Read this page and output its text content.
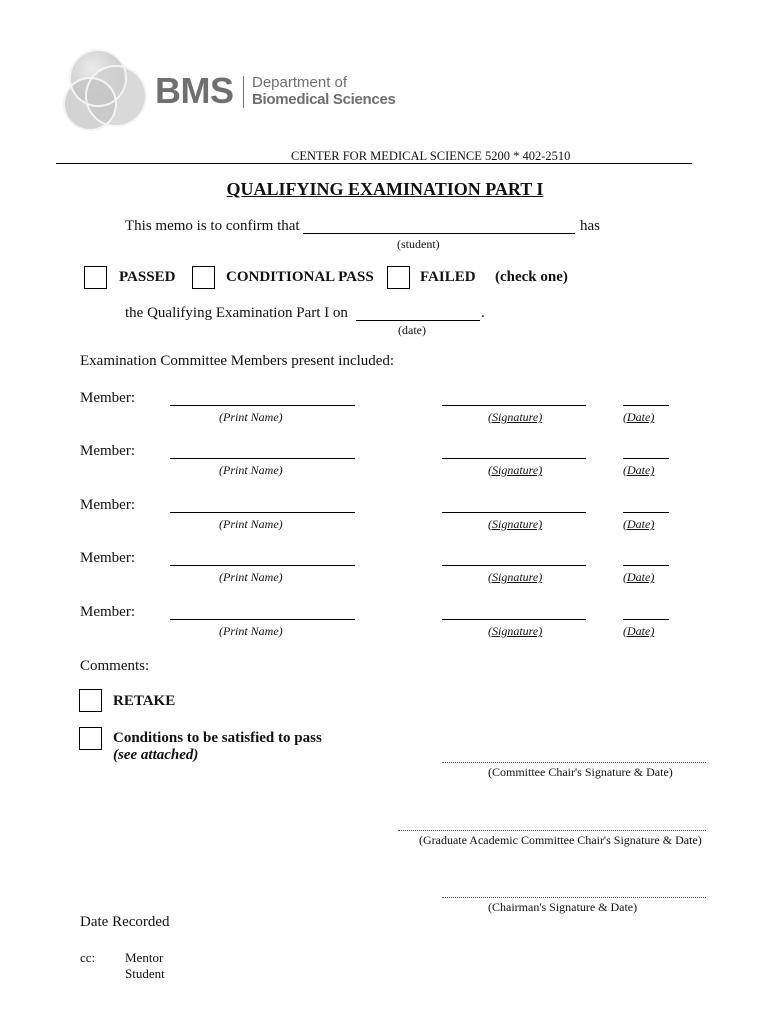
BMS Department of
Biomedical Sciences
CENTER FOR MEDICAL SCIENCE 5200 * 402-2510
QUALIFYING EXAMINATION PART I
This memo is to confirm that	has
(student)
PASSED	CONDITIONAL PASS	FAILED (check one)
the Qualifying Examination Part I on	.
(date)
Examination Committee Members present included:
Member:
(Print Name)	(Signature)	(Date)
Member:
(Print Name)	(Signature)	(Date)
Member:
(Print Name)	(Signature)	(Date)
Member:
(Print Name)	(Signature)	(Date)
Member:
(Print Name)	(Signature)	(Date)
Comments:
RETAKE
Conditions to be satisfied to pass
(see attached)
(Committee Chair's Signature & Date)
(Graduate Academic Committee Chair's Signature & Date)
(Chairman's Signature & Date)
Date Recorded
cc: Mentor
Student
